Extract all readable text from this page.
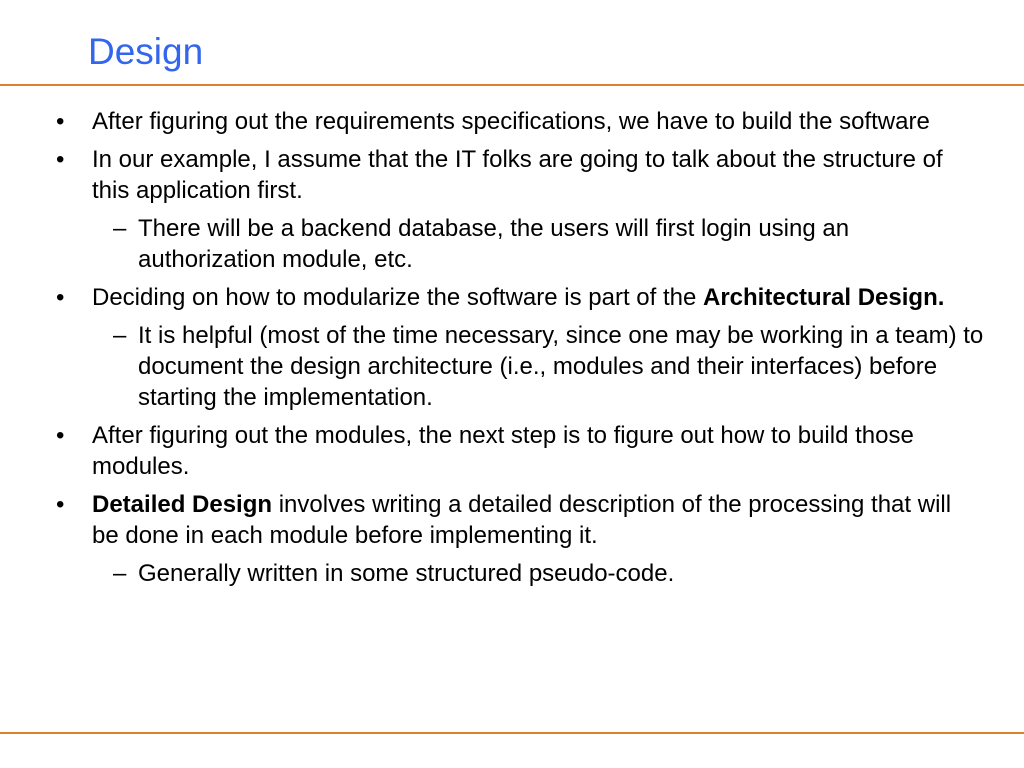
Design
• After figuring out the requirements specifications, we have to build the software
• In our example, I assume that the IT folks are going to talk about the structure of this application first.
– There will be a backend database, the users will first login using an authorization module, etc.
• Deciding on how to modularize the software is part of the Architectural Design.
– It is helpful (most of the time necessary, since one may be working in a team) to document the design architecture (i.e., modules and their interfaces) before starting the implementation.
• After figuring out the modules, the next step is to figure out how to build those modules.
• Detailed Design involves writing a detailed description of the processing that will be done in each module before implementing it.
– Generally written in some structured pseudo-code.
